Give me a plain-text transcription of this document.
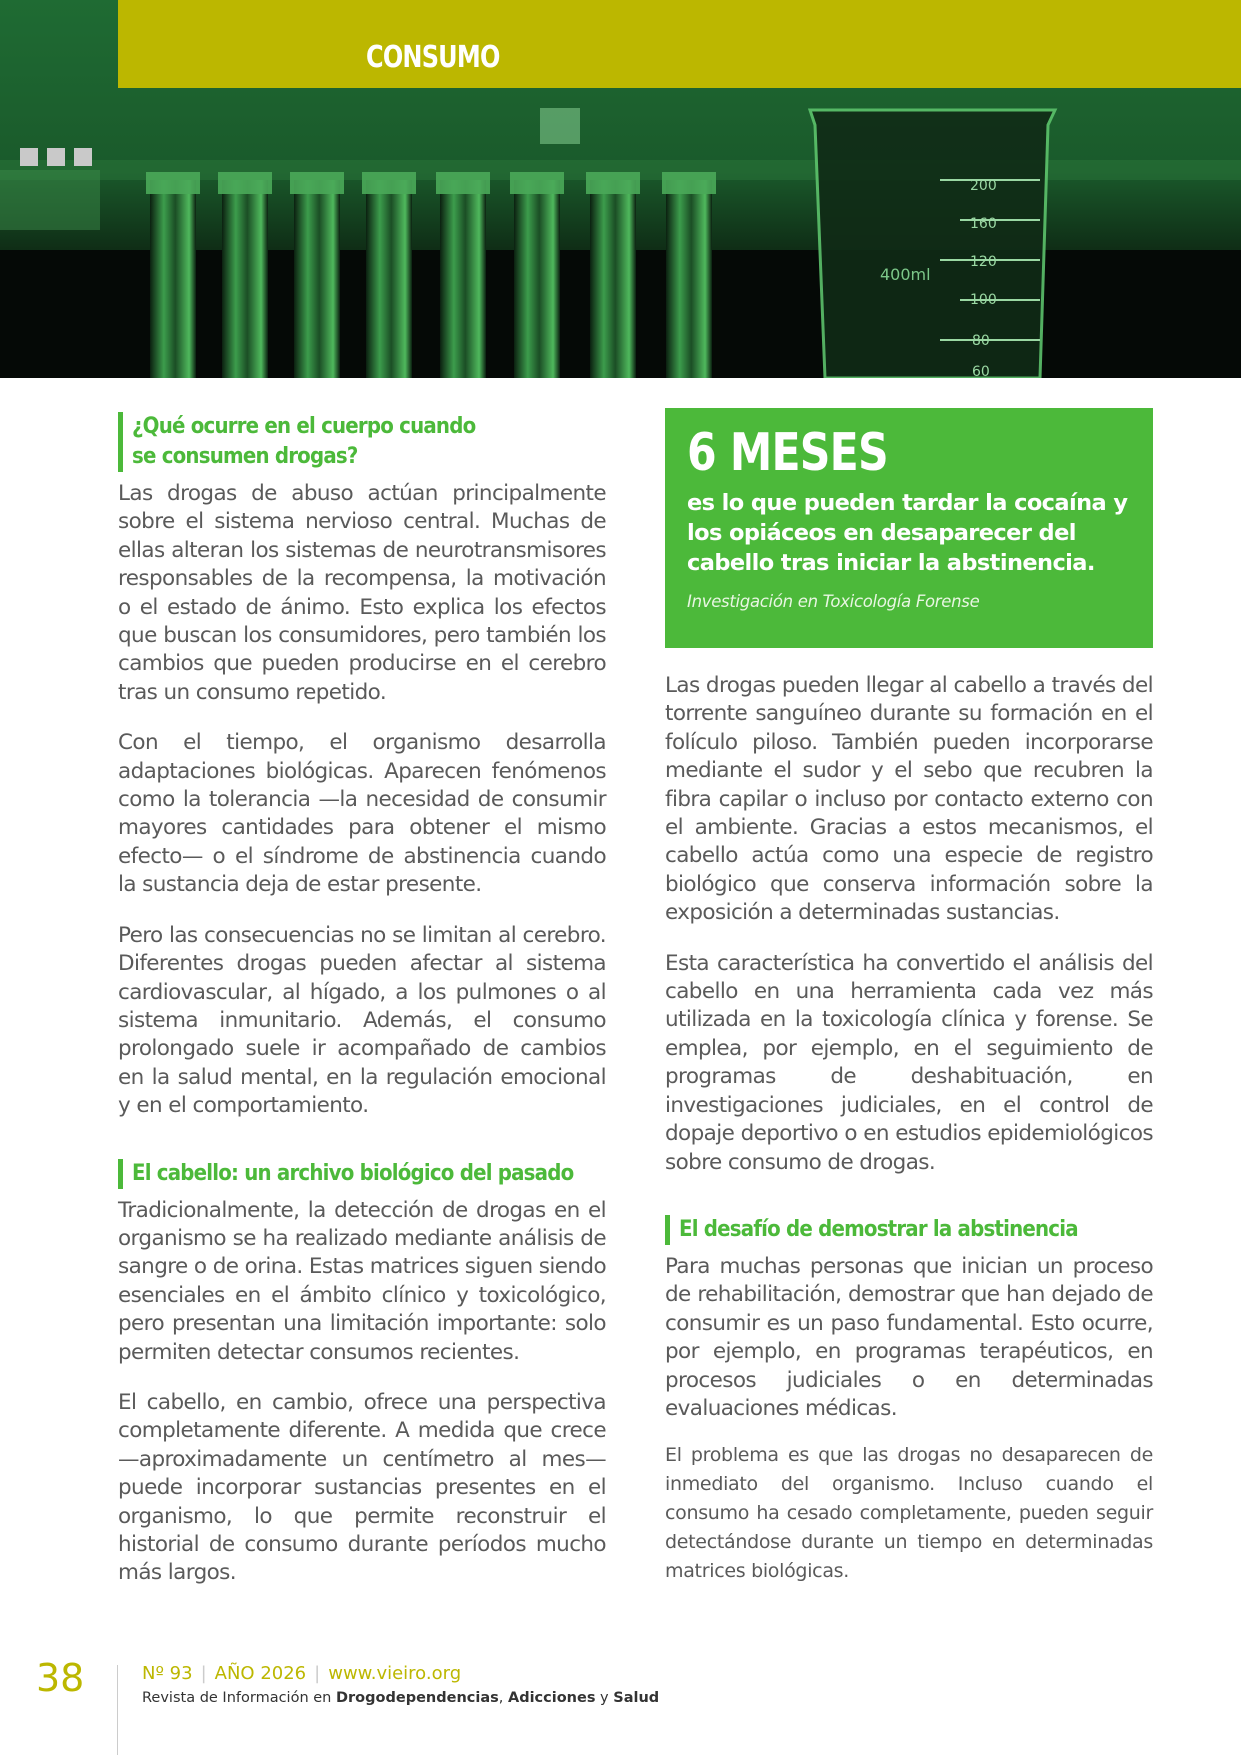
400ml
200
160
120
100
80
60
CONSUMO
¿Qué ocurre en el cuerpo cuando
se consumen drogas?

Las drogas de abuso actúan principalmente sobre el sistema nervioso central. Muchas de ellas alteran los sistemas de neurotransmisores responsables de la recompensa, la motivación o el estado de ánimo. Esto explica los efectos que buscan los consumidores, pero también los cambios que pueden producirse en el cerebro tras un consumo repetido.

Con el tiempo, el organismo desarrolla adaptaciones biológicas. Aparecen fenómenos como la tolerancia —la necesidad de consumir mayores cantidades para obtener el mismo efecto— o el síndrome de abstinencia cuando la sustancia deja de estar presente.

Pero las consecuencias no se limitan al cerebro. Diferentes drogas pueden afectar al sistema cardiovascular, al hígado, a los pulmones o al sistema inmunitario. Además, el consumo prolongado suele ir acompañado de cambios en la salud mental, en la regulación emocional y en el comportamiento.

El cabello: un archivo biológico del pasado

Tradicionalmente, la detección de drogas en el organismo se ha realizado mediante análisis de sangre o de orina. Estas matrices siguen siendo esenciales en el ámbito clínico y toxicológico, pero presentan una limitación importante: solo permiten detectar consumos recientes.

El cabello, en cambio, ofrece una perspectiva completamente diferente. A medida que crece —aproximadamente un centímetro al mes— puede incorporar sustancias presentes en el organismo, lo que permite reconstruir el historial de consumo durante períodos mucho más largos.

6 MESES
es lo que pueden tardar la cocaína y los opiáceos en desaparecer del cabello tras iniciar la abstinencia.
Investigación en Toxicología Forense

Las drogas pueden llegar al cabello a través del torrente sanguíneo durante su formación en el folículo piloso. También pueden incorporarse mediante el sudor y el sebo que recubren la fibra capilar o incluso por contacto externo con el ambiente. Gracias a estos mecanismos, el cabello actúa como una especie de registro biológico que conserva información sobre la exposición a determinadas sustancias.

Esta característica ha convertido el análisis del cabello en una herramienta cada vez más utilizada en la toxicología clínica y forense. Se emplea, por ejemplo, en el seguimiento de programas de deshabituación, en investigaciones judiciales, en el control de dopaje deportivo o en estudios epidemiológicos sobre consumo de drogas.

El desafío de demostrar la abstinencia

Para muchas personas que inician un proceso de rehabilitación, demostrar que han dejado de consumir es un paso fundamental. Esto ocurre, por ejemplo, en programas terapéuticos, en procesos judiciales o en determinadas evaluaciones médicas.

El problema es que las drogas no desaparecen de inmediato del organismo. Incluso cuando el consumo ha cesado completamente, pueden seguir detectándose durante un tiempo en determinadas matrices biológicas.

38	Nº 93 | AÑO 2026 | www.vieiro.org
Revista de Información en Drogodependencias, Adicciones y Salud
